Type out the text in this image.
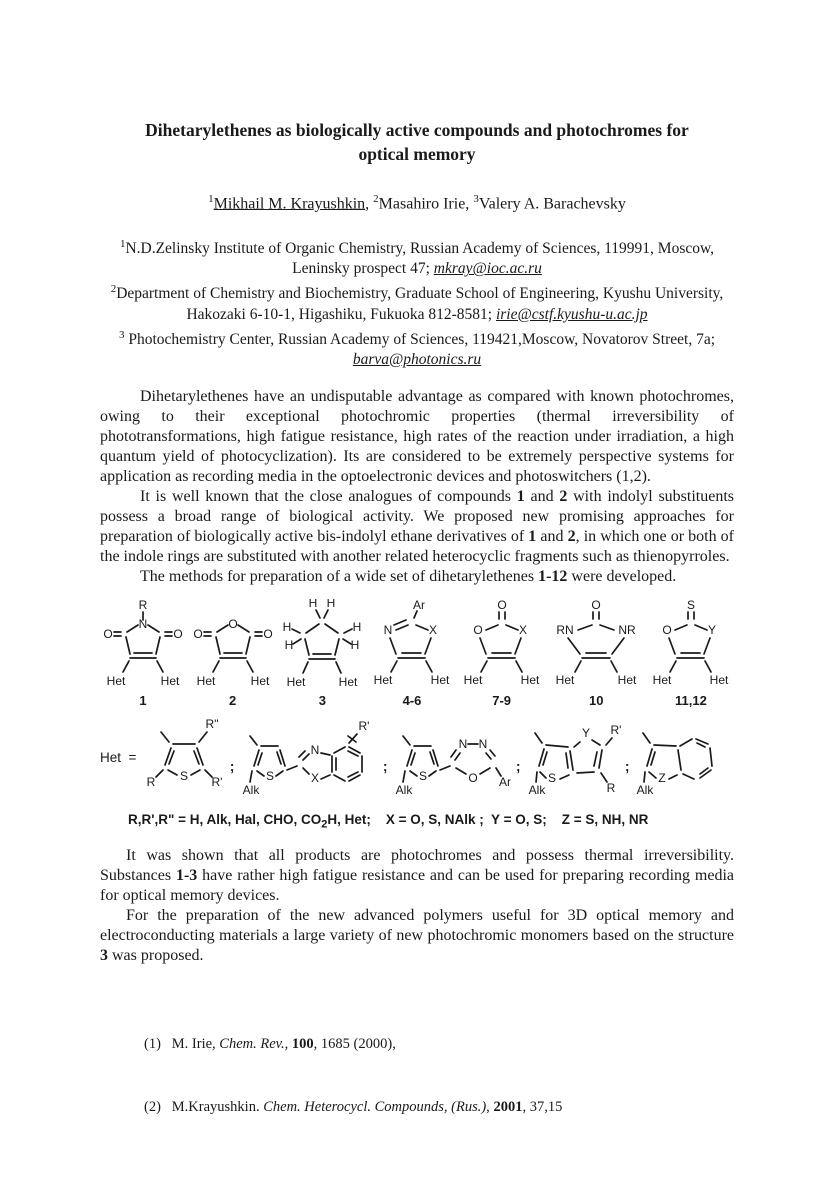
Dihetarylethenes as biologically active compounds and photochromes for optical memory
$^1$Mikhail M. Krayushkin, $^2$Masahiro Irie, $^3$Valery A. Barachevsky

$^1$N.D.Zelinsky Institute of Organic Chemistry, Russian Academy of Sciences, 119991, Moscow, Leninsky prospect 47; mkray@ioc.ac.ru

$^2$Department of Chemistry and Biochemistry, Graduate School of Engineering, Kyushu University, Hakozaki 6-10-1, Higashiku, Fukuoka 812-8581; irie@cstf.kyushu-u.ac.jp

$^3$ Photochemistry Center, Russian Academy of Sciences, 119421,Moscow, Novatorov Street, 7a; barva@photonics.ru

Dihetarylethenes have an undisputable advantage as compared with known photochromes, owing to their exceptional photochromic properties (thermal irreversibility of phototransformations, high fatigue resistance, high rates of the reaction under irradiation, a high quantum yield of photocyclization). Its are considered to be extremely perspective systems for application as recording media in the optoelectronic devices and photoswitchers (1,2).

It is well known that the close analogues of compounds 1 and 2 with indolyl substituents possess a broad range of biological activity. We proposed new promising approaches for preparation of biologically active bis-indolyl ethane derivatives of 1 and 2, in which one or both of the indole rings are substituted with another related heterocyclic fragments such as thienopyrroles.

The methods for preparation of a wide set of dihetarylethenes 1-12 were developed.

R
N
O	O
Het	Het
1
O
O	O
Het	Het
2
H H
H
H
H
H
Het	Het
3
Ar
N	X
Het	Het
4-6
O
O	X
Het	Het
7-9
O
RN	NR
Het	Het
10
S
O	Y
Het	Het
11,12
Het  =
S
R	R'
R"
;
S
Alk
N
X
R'
;
S
Alk
N N
O Ar
;
S
Y R'
R
Alk
;
Z
Alk
R,R',R" = H, Alk, Hal, CHO, $CO_2H$, Het;    X = O, S, NAlk ;  Y = O, S;    Z = S, NH, NR

It was shown that all products are photochromes and possess thermal irreversibility. Substances 1-3 have rather high fatigue resistance and can be used for preparing recording media for optical memory devices.

For the preparation of the new advanced polymers useful for 3D optical memory and electroconducting materials a large variety of new photochromic monomers based on the structure 3 was proposed.

(1)   M. Irie, Chem. Rev., 100, 1685 (2000),

(2)   M.Krayushkin. Chem. Heterocycl. Compounds, (Rus.), 2001, 37,15
